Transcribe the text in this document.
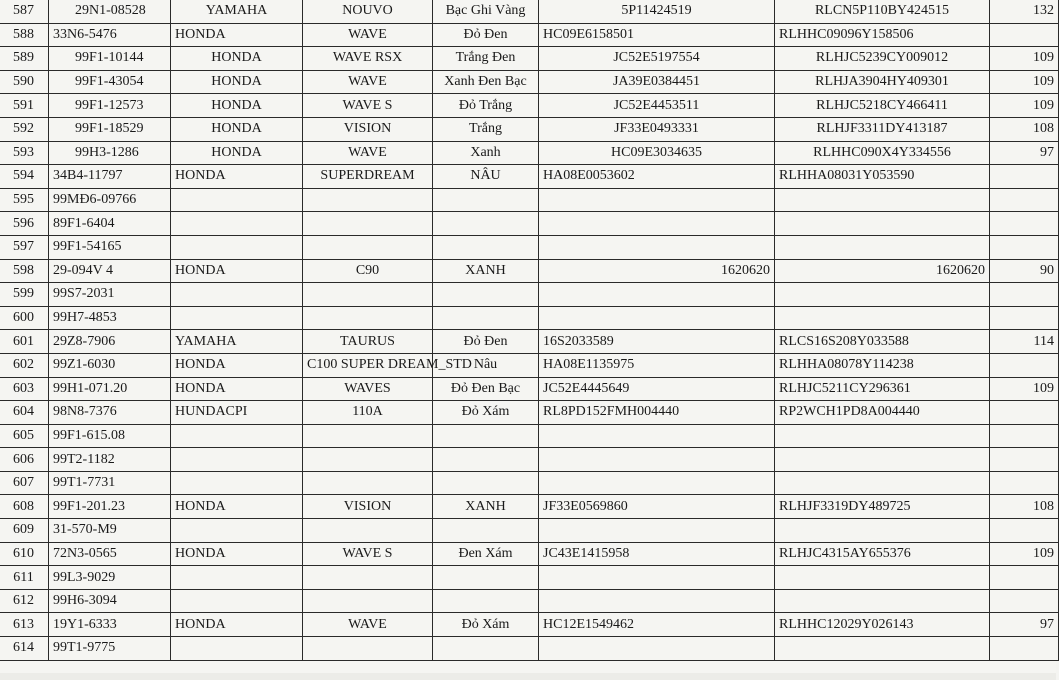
587	29N1-08528	YAMAHA	NOUVO	Bạc Ghi Vàng	5P11424519	RLCN5P110BY424515	132
588	33N6-5476	HONDA	WAVE	Đỏ Đen	HC09E6158501	RLHHC09096Y158506	
589	99F1-10144	HONDA	WAVE RSX	Trắng Đen	JC52E5197554	RLHJC5239CY009012	109
590	99F1-43054	HONDA	WAVE	Xanh Đen Bạc	JA39E0384451	RLHJA3904HY409301	109
591	99F1-12573	HONDA	WAVE S	Đỏ Trắng	JC52E4453511	RLHJC5218CY466411	109
592	99F1-18529	HONDA	VISION	Trắng	JF33E0493331	RLHJF3311DY413187	108
593	99H3-1286	HONDA	WAVE	Xanh	HC09E3034635	RLHHC090X4Y334556	97
594	34B4-11797	HONDA	SUPERDREAM	NÂU	HA08E0053602	RLHHA08031Y053590	
595	99MĐ6-09766						
596	89F1-6404						
597	99F1-54165						
598	29-094V 4	HONDA	C90	XANH	1620620	1620620	90
599	99S7-2031						
600	99H7-4853						
601	29Z8-7906	YAMAHA	TAURUS	Đỏ Đen	16S2033589	RLCS16S208Y033588	114
602	99Z1-6030	HONDA	C100 SUPER DREAM_STD	Nâu	HA08E1135975	RLHHA08078Y114238	
603	99H1-071.20	HONDA	WAVES	Đỏ Đen Bạc	JC52E4445649	RLHJC5211CY296361	109
604	98N8-7376	HUNDACPI	110A	Đỏ Xám	RL8PD152FMH004440	RP2WCH1PD8A004440	
605	99F1-615.08						
606	99T2-1182						
607	99T1-7731						
608	99F1-201.23	HONDA	VISION	XANH	JF33E0569860	RLHJF3319DY489725	108
609	31-570-M9						
610	72N3-0565	HONDA	WAVE S	Đen Xám	JC43E1415958	RLHJC4315AY655376	109
611	99L3-9029						
612	99H6-3094						
613	19Y1-6333	HONDA	WAVE	Đỏ Xám	HC12E1549462	RLHHC12029Y026143	97
614	99T1-9775						
